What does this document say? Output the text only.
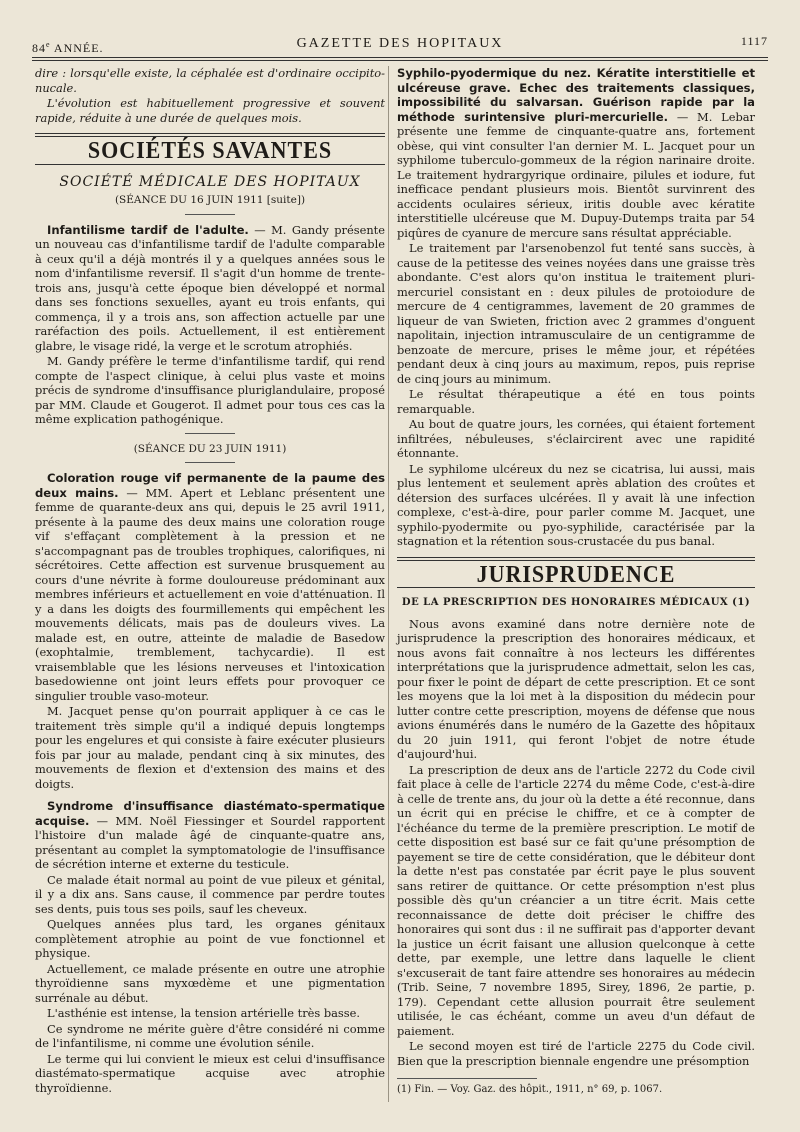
84e ANNÉE.	GAZETTE DES HOPITAUX	1117

dire : lorsqu'elle existe, la céphalée est d'ordinaire occipito-nucale.

L'évolution est habituellement progressive et souvent rapide, réduite à une durée de quelques mois.

SOCIÉTÉS SAVANTES
SOCIÉTÉ MÉDICALE DES HOPITAUX
(SÉANCE DU 16 JUIN 1911 [suite])

Infantilisme tardif de l'adulte. — M. Gandy présente un nouveau cas d'infantilisme tardif de l'adulte comparable à ceux qu'il a déjà montrés il y a quelques années sous le nom d'infantilisme reversif. Il s'agit d'un homme de trente-trois ans, jusqu'à cette époque bien développé et normal dans ses fonctions sexuelles, ayant eu trois enfants, qui commença, il y a trois ans, son affection actuelle par une raréfaction des poils. Actuellement, il est entièrement glabre, le visage ridé, la verge et le scrotum atrophiés.

M. Gandy préfère le terme d'infantilisme tardif, qui rend compte de l'aspect clinique, à celui plus vaste et moins précis de syndrome d'insuffisance pluriglandulaire, proposé par MM. Claude et Gougerot. Il admet pour tous ces cas la même explication pathogénique.

(SÉANCE DU 23 JUIN 1911)

Coloration rouge vif permanente de la paume des deux mains. — MM. Apert et Leblanc présentent une femme de quarante-deux ans qui, depuis le 25 avril 1911, présente à la paume des deux mains une coloration rouge vif s'effaçant complètement à la pression et ne s'accompagnant pas de troubles trophiques, calorifiques, ni sécrétoires. Cette affection est survenue brusquement au cours d'une névrite à forme douloureuse prédominant aux membres inférieurs et actuellement en voie d'atténuation. Il y a dans les doigts des fourmillements qui empêchent les mouvements délicats, mais pas de douleurs vives. La malade est, en outre, atteinte de maladie de Basedow (exophtalmie, tremblement, tachycardie). Il est vraisemblable que les lésions nerveuses et l'intoxication basedowienne ont joint leurs effets pour provoquer ce singulier trouble vaso-moteur.

M. Jacquet pense qu'on pourrait appliquer à ce cas le traitement très simple qu'il a indiqué depuis longtemps pour les engelures et qui consiste à faire exécuter plusieurs fois par jour au malade, pendant cinq à six minutes, des mouvements de flexion et d'extension des mains et des doigts.

Syndrome d'insuffisance diastémato-spermatique acquise. — MM. Noël Fiessinger et Sourdel rapportent l'histoire d'un malade âgé de cinquante-quatre ans, présentant au complet la symptomatologie de l'insuffisance de sécrétion interne et externe du testicule.

Ce malade était normal au point de vue pileux et génital, il y a dix ans. Sans cause, il commence par perdre toutes ses dents, puis tous ses poils, sauf les cheveux.

Quelques années plus tard, les organes génitaux complètement atrophie au point de vue fonctionnel et physique.

Actuellement, ce malade présente en outre une atrophie thyroïdienne sans myxœdème et une pigmentation surrénale au début.

L'asthénie est intense, la tension artérielle très basse.

Ce syndrome ne mérite guère d'être considéré ni comme de l'infantilisme, ni comme une évolution sénile.

Le terme qui lui convient le mieux est celui d'insuffisance diastémato-spermatique acquise avec atrophie thyroïdienne.

Syphilo-pyodermique du nez. Kératite interstitielle et ulcéreuse grave. Echec des traitements classiques, impossibilité du salvarsan. Guérison rapide par la méthode surintensive pluri-mercurielle. — M. Lebar présente une femme de cinquante-quatre ans, fortement obèse, qui vint consulter l'an dernier M. L. Jacquet pour un syphilome tuberculo-gommeux de la région narinaire droite. Le traitement hydrargyrique ordinaire, pilules et iodure, fut inefficace pendant plusieurs mois. Bientôt survinrent des accidents oculaires sérieux, iritis double avec kératite interstitielle ulcéreuse que M. Dupuy-Dutemps traita par 54 piqûres de cyanure de mercure sans résultat appréciable.

Le traitement par l'arsenobenzol fut tenté sans succès, à cause de la petitesse des veines noyées dans une graisse très abondante. C'est alors qu'on institua le traitement pluri-mercuriel consistant en : deux pilules de protoiodure de mercure de 4 centigrammes, lavement de 20 grammes de liqueur de van Swieten, friction avec 2 grammes d'onguent napolitain, injection intramusculaire de un centigramme de benzoate de mercure, prises le même jour, et répétées pendant deux à cinq jours au maximum, repos, puis reprise de cinq jours au minimum.

Le résultat thérapeutique a été en tous points remarquable.

Au bout de quatre jours, les cornées, qui étaient fortement infiltrées, nébuleuses, s'éclaircirent avec une rapidité étonnante.

Le syphilome ulcéreux du nez se cicatrisa, lui aussi, mais plus lentement et seulement après ablation des croûtes et détersion des surfaces ulcérées. Il y avait là une infection complexe, c'est-à-dire, pour parler comme M. Jacquet, une syphilo-pyodermite ou pyo-syphilide, caractérisée par la stagnation et la rétention sous-crustacée du pus banal.

JURISPRUDENCE
DE LA PRESCRIPTION DES HONORAIRES MÉDICAUX (1)

Nous avons examiné dans notre dernière note de jurisprudence la prescription des honoraires médicaux, et nous avons fait connaître à nos lecteurs les différentes interprétations que la jurisprudence admettait, selon les cas, pour fixer le point de départ de cette prescription. Et ce sont les moyens que la loi met à la disposition du médecin pour lutter contre cette prescription, moyens de défense que nous avions énumérés dans le numéro de la Gazette des hôpitaux du 20 juin 1911, qui feront l'objet de notre étude d'aujourd'hui.

La prescription de deux ans de l'article 2272 du Code civil fait place à celle de l'article 2274 du même Code, c'est-à-dire à celle de trente ans, du jour où la dette a été reconnue, dans un écrit qui en précise le chiffre, et ce à compter de l'échéance du terme de la première prescription. Le motif de cette disposition est basé sur ce fait qu'une présomption de payement se tire de cette considération, que le débiteur dont la dette n'est pas constatée par écrit paye le plus souvent sans retirer de quittance. Or cette présomption n'est plus possible dès qu'un créancier a un titre écrit. Mais cette reconnaissance de dette doit préciser le chiffre des honoraires qui sont dus : il ne suffirait pas d'apporter devant la justice un écrit faisant une allusion quelconque à cette dette, par exemple, une lettre dans laquelle le client s'excuserait de tant faire attendre ses honoraires au médecin (Trib. Seine, 7 novembre 1895, Sirey, 1896, 2e partie, p. 179). Cependant cette allusion pourrait être seulement utilisée, le cas échéant, comme un aveu d'un défaut de paiement.

Le second moyen est tiré de l'article 2275 du Code civil. Bien que la prescription biennale engendre une présomption

(1) Fin. — Voy. Gaz. des hôpit., 1911, n° 69, p. 1067.
